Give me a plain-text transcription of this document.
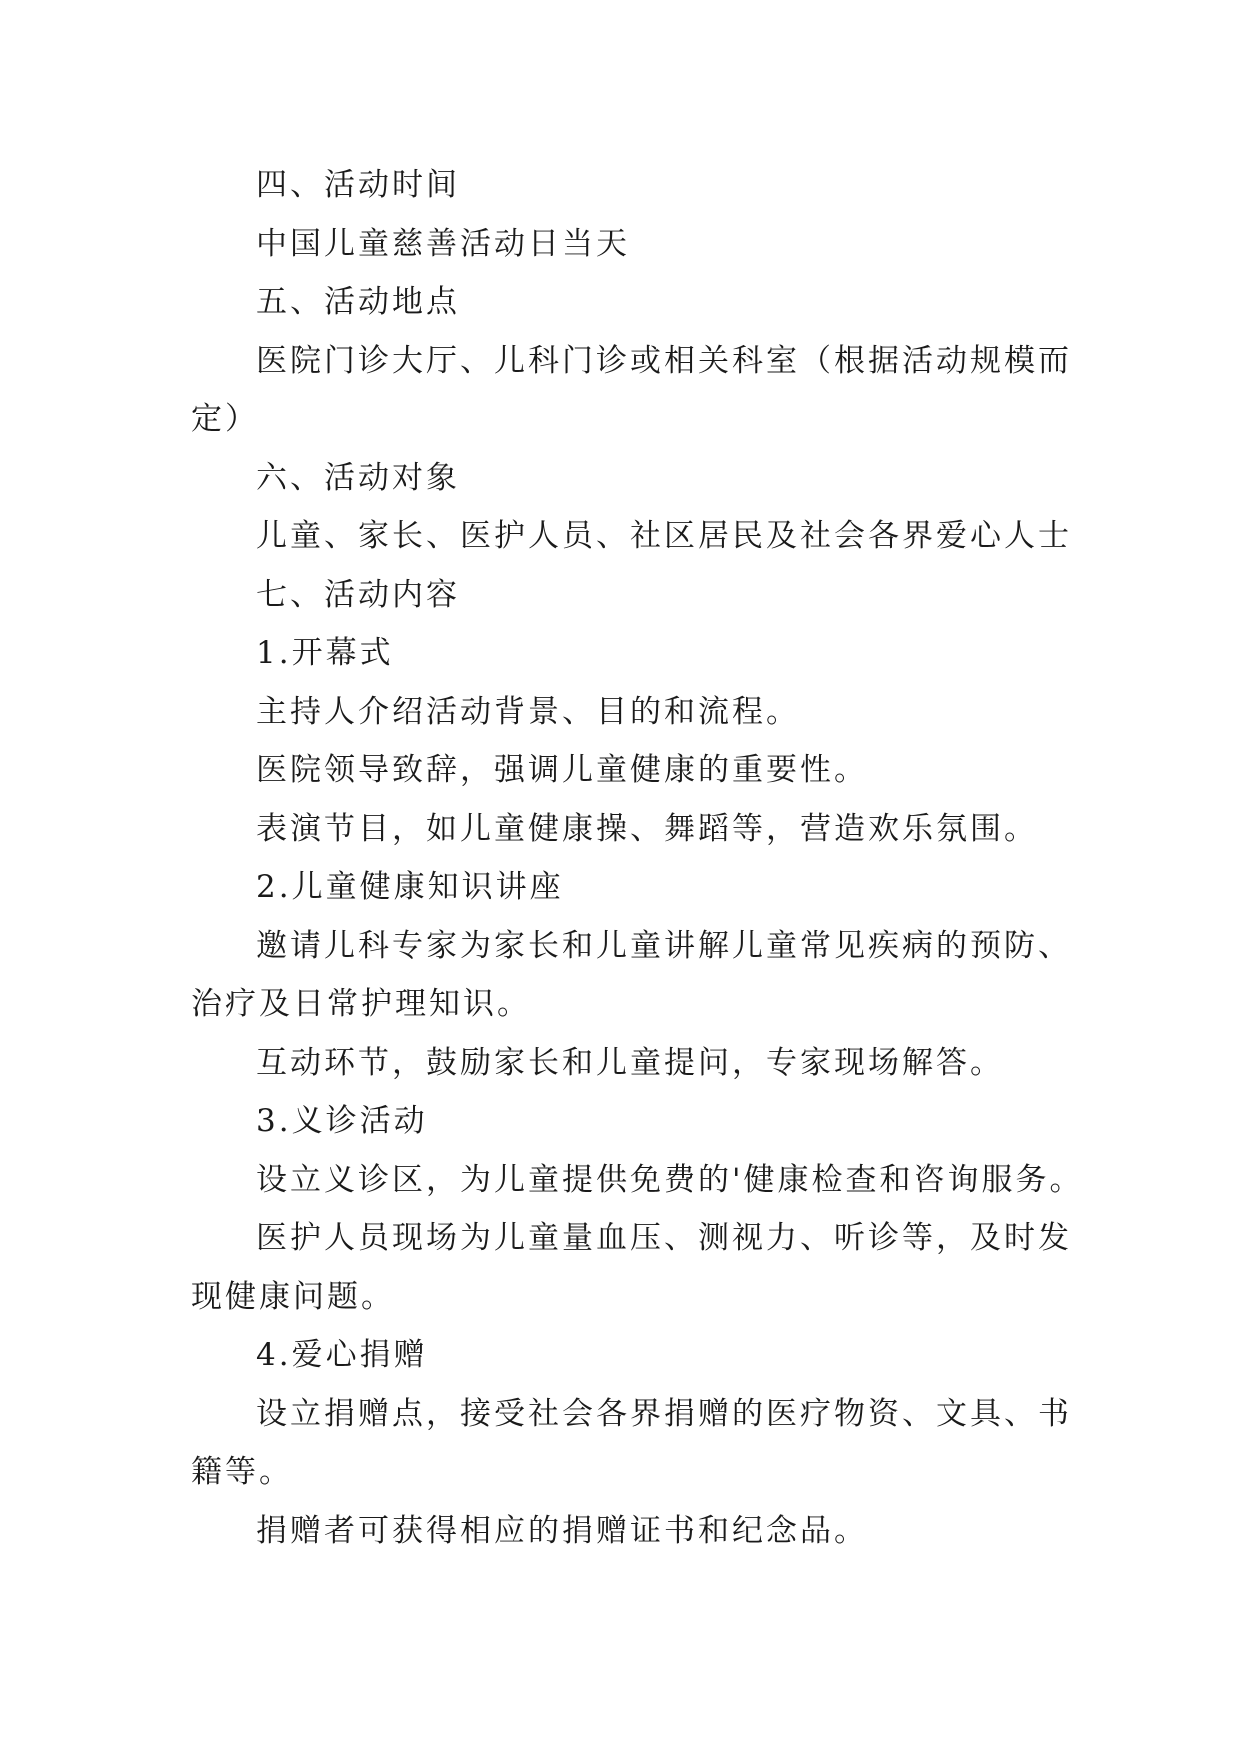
四、活动时间
中国儿童慈善活动日当天
五、活动地点
医院门诊大厅、儿科门诊或相关科室（根据活动规模而
定）
六、活动对象
儿童、家长、医护人员、社区居民及社会各界爱心人士
七、活动内容
1.开幕式
主持人介绍活动背景、目的和流程。
医院领导致辞，强调儿童健康的重要性。
表演节目，如儿童健康操、舞蹈等，营造欢乐氛围。
2.儿童健康知识讲座
邀请儿科专家为家长和儿童讲解儿童常见疾病的预防、
治疗及日常护理知识。
互动环节，鼓励家长和儿童提问，专家现场解答。
3.义诊活动
设立义诊区，为儿童提供免费的'健康检查和咨询服务。
医护人员现场为儿童量血压、测视力、听诊等，及时发
现健康问题。
4.爱心捐赠
设立捐赠点，接受社会各界捐赠的医疗物资、文具、书
籍等。
捐赠者可获得相应的捐赠证书和纪念品。
